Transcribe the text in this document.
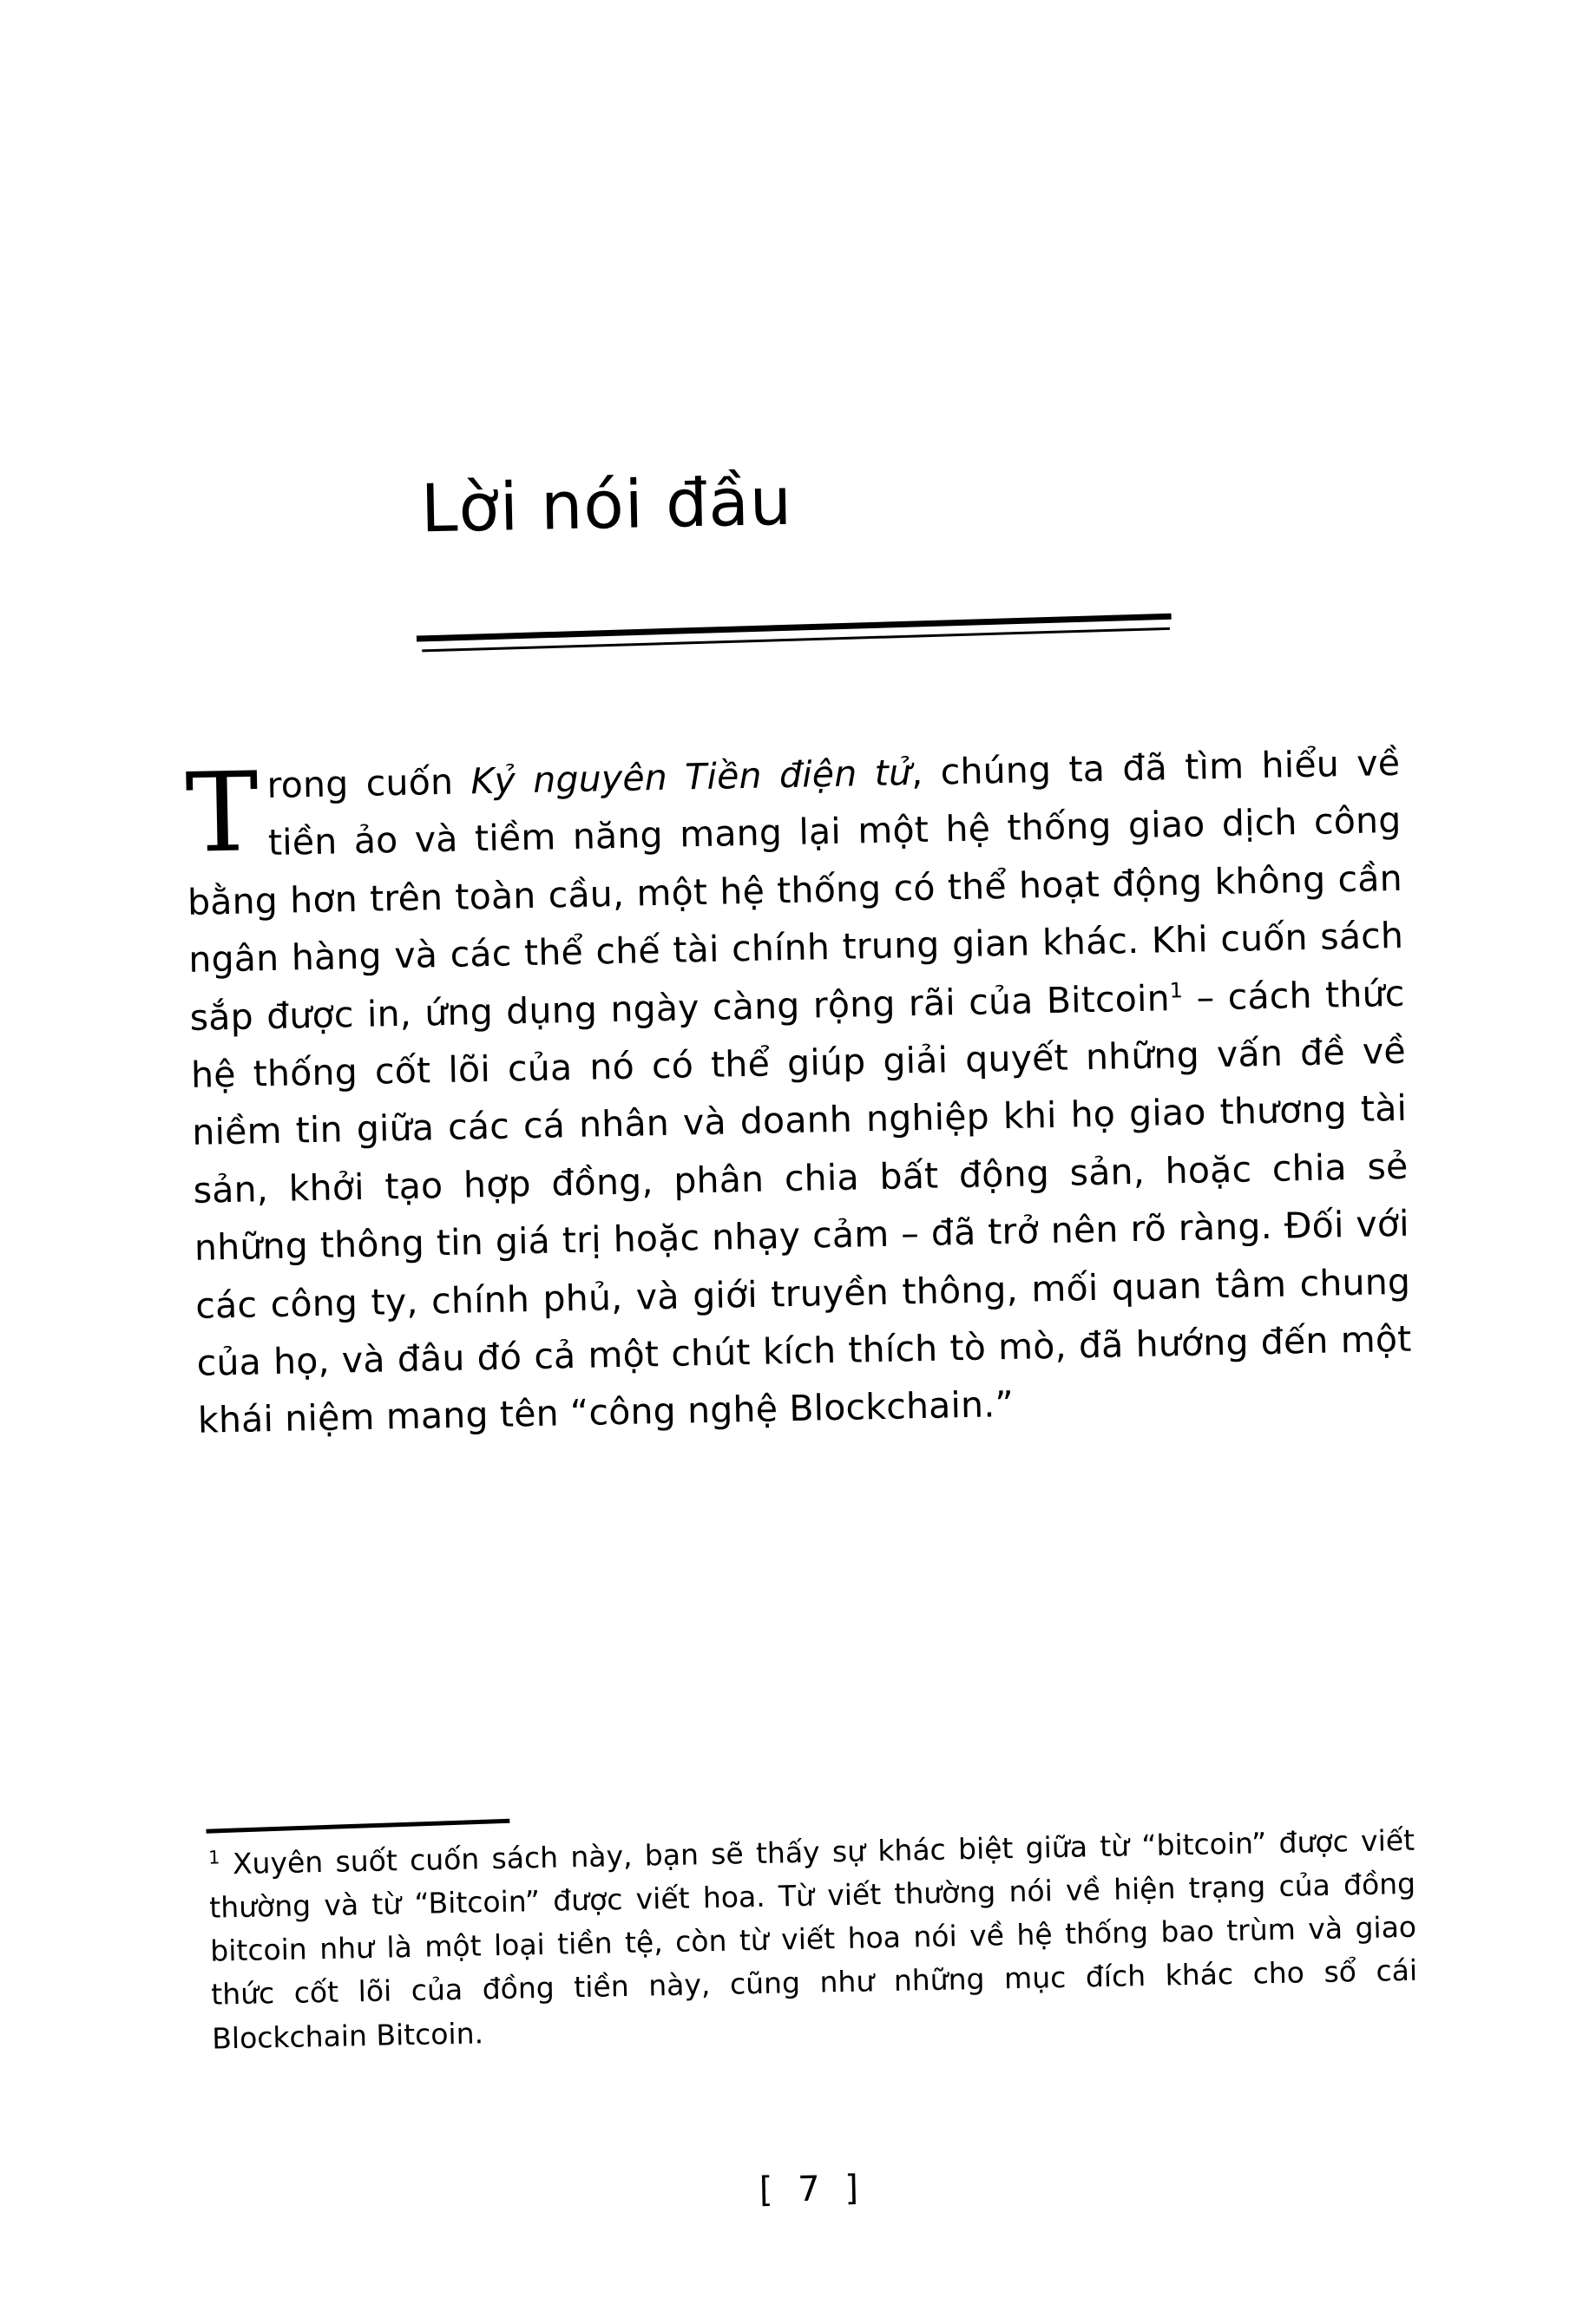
Lời nói đầu
Trong cuốn Kỷ nguyên Tiền điện tử, chúng ta đã tìm hiểu về tiền ảo và tiềm năng mang lại một hệ thống giao dịch công bằng hơn trên toàn cầu, một hệ thống có thể hoạt động không cần ngân hàng và các thể chế tài chính trung gian khác. Khi cuốn sách sắp được in, ứng dụng ngày càng rộng rãi của Bitcoin$^1$ – cách thức hệ thống cốt lõi của nó có thể giúp giải quyết những vấn đề về niềm tin giữa các cá nhân và doanh nghiệp khi họ giao thương tài sản, khởi tạo hợp đồng, phân chia bất động sản, hoặc chia sẻ những thông tin giá trị hoặc nhạy cảm – đã trở nên rõ ràng. Đối với các công ty, chính phủ, và giới truyền thông, mối quan tâm chung của họ, và đâu đó cả một chút kích thích tò mò, đã hướng đến một khái niệm mang tên “công nghệ Blockchain.”
$^1$ Xuyên suốt cuốn sách này, bạn sẽ thấy sự khác biệt giữa từ “bitcoin” được viết thường và từ “Bitcoin” được viết hoa. Từ viết thường nói về hiện trạng của đồng bitcoin như là một loại tiền tệ, còn từ viết hoa nói về hệ thống bao trùm và giao thức cốt lõi của đồng tiền này, cũng như những mục đích khác cho sổ cái Blockchain Bitcoin.
[ 7 ]
